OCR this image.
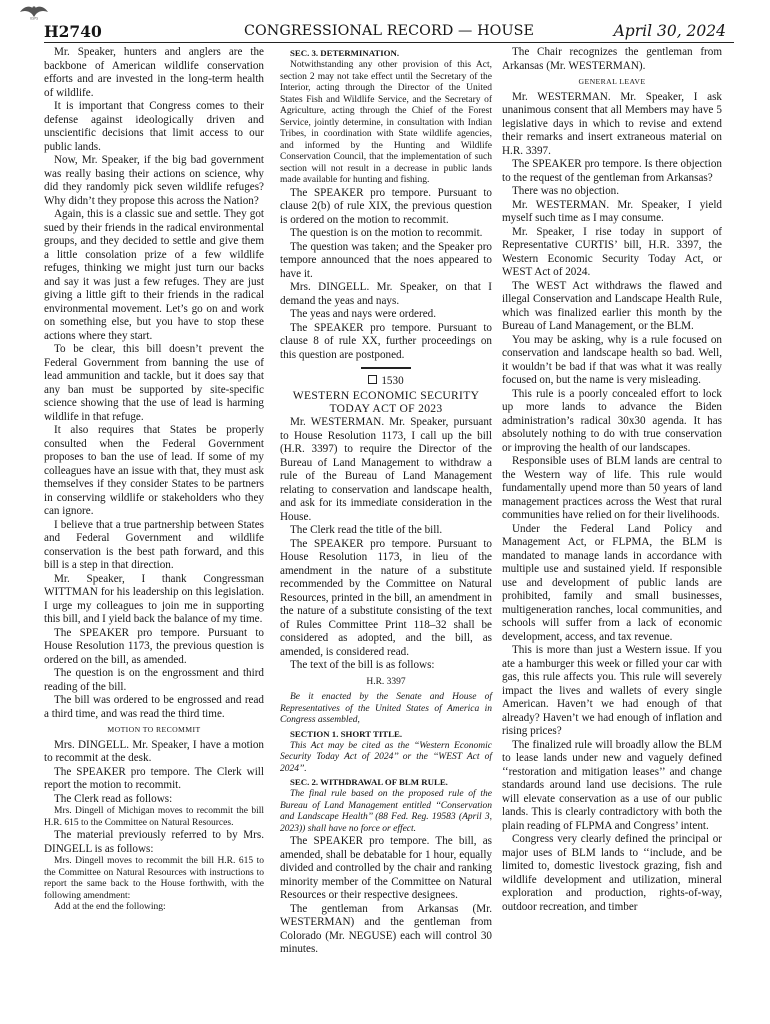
USPS
H2740	CONGRESSIONAL RECORD — HOUSE	April 30, 2024

Mr. Speaker, hunters and anglers are the backbone of American wildlife conservation efforts and are invested in the long-term health of wildlife.

It is important that Congress comes to their defense against ideologically driven and unscientific decisions that limit access to our public lands.

Now, Mr. Speaker, if the big bad government was really basing their actions on science, why did they randomly pick seven wildlife refuges? Why didn’t they propose this across the Nation?

Again, this is a classic sue and settle. They got sued by their friends in the radical environmental groups, and they decided to settle and give them a little consolation prize of a few wildlife refuges, thinking we might just turn our backs and say it was just a few refuges. They are just giving a little gift to their friends in the radical environmental movement. Let’s go on and work on something else, but you have to stop these actions where they start.

To be clear, this bill doesn’t prevent the Federal Government from banning the use of lead ammunition and tackle, but it does say that any ban must be supported by site-specific science showing that the use of lead is harming wildlife in that refuge.

It also requires that States be properly consulted when the Federal Government proposes to ban the use of lead. If some of my colleagues have an issue with that, they must ask themselves if they consider States to be partners in conserving wildlife or stakeholders who they can ignore.

I believe that a true partnership between States and Federal Government and wildlife conservation is the best path forward, and this bill is a step in that direction.

Mr. Speaker, I thank Congressman WITTMAN for his leadership on this legislation. I urge my colleagues to join me in supporting this bill, and I yield back the balance of my time.

The SPEAKER pro tempore. Pursuant to House Resolution 1173, the previous question is ordered on the bill, as amended.

The question is on the engrossment and third reading of the bill.

The bill was ordered to be engrossed and read a third time, and was read the third time.

MOTION TO RECOMMIT

Mrs. DINGELL. Mr. Speaker, I have a motion to recommit at the desk.

The SPEAKER pro tempore. The Clerk will report the motion to recommit.

The Clerk read as follows:

Mrs. Dingell of Michigan moves to recommit the bill H.R. 615 to the Committee on Natural Resources.

The material previously referred to by Mrs. DINGELL is as follows:

Mrs. Dingell moves to recommit the bill H.R. 615 to the Committee on Natural Resources with instructions to report the same back to the House forthwith, with the following amendment:

Add at the end the following:

SEC. 3. DETERMINATION.

Notwithstanding any other provision of this Act, section 2 may not take effect until the Secretary of the Interior, acting through the Director of the United States Fish and Wildlife Service, and the Secretary of Agriculture, acting through the Chief of the Forest Service, jointly determine, in consultation with Indian Tribes, in coordination with State wildlife agencies, and informed by the Hunting and Wildlife Conservation Council, that the implementation of such section will not result in a decrease in public lands made available for hunting and fishing.

The SPEAKER pro tempore. Pursuant to clause 2(b) of rule XIX, the previous question is ordered on the motion to recommit.

The question is on the motion to recommit.

The question was taken; and the Speaker pro tempore announced that the noes appeared to have it.

Mrs. DINGELL. Mr. Speaker, on that I demand the yeas and nays.

The yeas and nays were ordered.

The SPEAKER pro tempore. Pursuant to clause 8 of rule XX, further proceedings on this question are postponed.

1530

WESTERN ECONOMIC SECURITY TODAY ACT OF 2023

Mr. WESTERMAN. Mr. Speaker, pursuant to House Resolution 1173, I call up the bill (H.R. 3397) to require the Director of the Bureau of Land Management to withdraw a rule of the Bureau of Land Management relating to conservation and landscape health, and ask for its immediate consideration in the House.

The Clerk read the title of the bill.

The SPEAKER pro tempore. Pursuant to House Resolution 1173, in lieu of the amendment in the nature of a substitute recommended by the Committee on Natural Resources, printed in the bill, an amendment in the nature of a substitute consisting of the text of Rules Committee Print 118–32 shall be considered as adopted, and the bill, as amended, is considered read.

The text of the bill is as follows:

H.R. 3397

Be it enacted by the Senate and House of Representatives of the United States of America in Congress assembled,

SECTION 1. SHORT TITLE.

This Act may be cited as the ‘‘Western Economic Security Today Act of 2024’’ or the ‘‘WEST Act of 2024’’.

SEC. 2. WITHDRAWAL OF BLM RULE.

The final rule based on the proposed rule of the Bureau of Land Management entitled ‘‘Conservation and Landscape Health’’ (88 Fed. Reg. 19583 (April 3, 2023)) shall have no force or effect.

The SPEAKER pro tempore. The bill, as amended, shall be debatable for 1 hour, equally divided and controlled by the chair and ranking minority member of the Committee on Natural Resources or their respective designees.

The gentleman from Arkansas (Mr. WESTERMAN) and the gentleman from Colorado (Mr. NEGUSE) each will control 30 minutes.

The Chair recognizes the gentleman from Arkansas (Mr. WESTERMAN).

GENERAL LEAVE

Mr. WESTERMAN. Mr. Speaker, I ask unanimous consent that all Members may have 5 legislative days in which to revise and extend their remarks and insert extraneous material on H.R. 3397.

The SPEAKER pro tempore. Is there objection to the request of the gentleman from Arkansas?

There was no objection.

Mr. WESTERMAN. Mr. Speaker, I yield myself such time as I may consume.

Mr. Speaker, I rise today in support of Representative CURTIS’ bill, H.R. 3397, the Western Economic Security Today Act, or WEST Act of 2024.

The WEST Act withdraws the flawed and illegal Conservation and Landscape Health Rule, which was finalized earlier this month by the Bureau of Land Management, or the BLM.

You may be asking, why is a rule focused on conservation and landscape health so bad. Well, it wouldn’t be bad if that was what it was really focused on, but the name is very misleading.

This rule is a poorly concealed effort to lock up more lands to advance the Biden administration’s radical 30x30 agenda. It has absolutely nothing to do with true conservation or improving the health of our landscapes.

Responsible uses of BLM lands are central to the Western way of life. This rule would fundamentally upend more than 50 years of land management practices across the West that rural communities have relied on for their livelihoods.

Under the Federal Land Policy and Management Act, or FLPMA, the BLM is mandated to manage lands in accordance with multiple use and sustained yield. If responsible use and development of public lands are prohibited, family and small businesses, multigeneration ranches, local communities, and schools will suffer from a lack of economic development, access, and tax revenue.

This is more than just a Western issue. If you ate a hamburger this week or filled your car with gas, this rule affects you. This rule will severely impact the lives and wallets of every single American. Haven’t we had enough of that already? Haven’t we had enough of inflation and rising prices?

The finalized rule will broadly allow the BLM to lease lands under new and vaguely defined ‘‘restoration and mitigation leases’’ and change standards around land use decisions. The rule will elevate conservation as a use of our public lands. This is clearly contradictory with both the plain reading of FLPMA and Congress’ intent.

Congress very clearly defined the principal or major uses of BLM lands to ‘‘include, and be limited to, domestic livestock grazing, fish and wildlife development and utilization, mineral exploration and production, rights-of-way, outdoor recreation, and timber
